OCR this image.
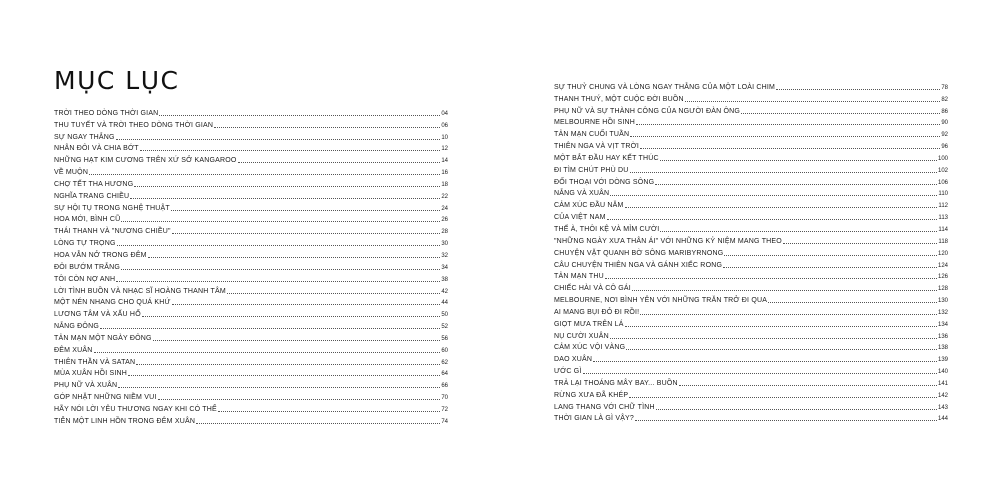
MỤC LỤC
TRỜI THEO DÒNG THỜI GIAN	04
THU TUYẾT VÀ TRỜI THEO DÒNG THỜI GIAN	06
SỰ NGAY THẲNG	10
NHÂN ĐÔI VÀ CHIA BỚT	12
NHỮNG HẠT KIM CƯƠNG TRÊN XỨ SỞ KANGAROO	14
VỀ MUỘN	16
CHỢ TẾT THA HƯƠNG	18
NGHĨA TRANG CHIỀU	22
SỰ HỘI TỤ TRONG NGHỆ THUẬT	24
HOA MỚI, BÌNH CŨ	26
THÁI THANH VÀ "NƯƠNG CHIỀU"	28
LÒNG TỰ TRỌNG	30
HOA VẪN NỞ TRONG ĐÊM	32
ĐÔI BƯỚM TRẮNG	34
TÔI CÒN NỢ ANH	38
LỜI TÌNH BUỒN VÀ NHẠC SĨ HOÀNG THANH TÂM	42
MỘT NÉN NHANG CHO QUÁ KHỨ	44
LƯƠNG TÂM VÀ XẤU HỔ	50
NẮNG ĐÔNG	52
TẢN MẠN MỘT NGÀY ĐÔNG	56
ĐÊM XUÂN	60
THIÊN THẦN VÀ SATAN	62
MÙA XUÂN HỒI SINH	64
PHỤ NỮ VÀ XUÂN	66
GÓP NHẶT NHỮNG NIỀM VUI	70
HÃY NÓI LỜI YÊU THƯƠNG NGAY KHI CÓ THỂ	72
TIỄN MỘT LINH HỒN TRONG ĐÊM XUÂN	74
SỰ THUỶ CHUNG VÀ LÒNG NGAY THẲNG CỦA MỘT LOÀI CHIM	78
THANH THUÝ, MỘT CUỘC ĐỜI BUỒN	82
PHỤ NỮ VÀ SỰ THÀNH CÔNG CỦA NGƯỜI ĐÀN ÔNG	86
MELBOURNE HỒI SINH	90
TẢN MẠN CUỐI TUẦN	92
THIÊN NGA VÀ VỊT TRỜI	96
MỘT BẮT ĐẦU HAY KẾT THÚC	100
ĐI TÌM CHÚT PHÙ DU	102
ĐỐI THOẠI VỚI DÒNG SÔNG	106
NẮNG VÀ XUÂN	110
CẢM XÚC ĐẦU NĂM	112
CỦA VIỆT NAM	113
THẾ À, THÔI KỆ VÀ MỈM CƯỜI	114
"NHỮNG NGÀY XƯA THÂN ÁI" VỚI NHỮNG KỶ NIỆM MANG THEO	118
CHUYỆN VẶT QUANH BỜ SÔNG MARIBYRNONG	120
CÂU CHUYỆN THIÊN NGA VÀ GÁNH XIẾC RONG	124
TẢN MẠN THU	126
CHIẾC HÀI VÀ CÔ GÁI	128
MELBOURNE, NƠI BÌNH YÊN VỚI NHỮNG TRĂN TRỞ ĐI QUA	130
AI MANG BỤI ĐỎ ĐI RỒI!	132
GIỌT MƯA TRÊN LÁ	134
NỤ CƯỜI XUÂN	136
CẢM XÚC VỘI VÀNG	138
DAO XUÂN	139
ƯỚC GÌ	140
TRẢ LẠI THOÁNG MÂY BAY... BUỒN	141
RỪNG XƯA ĐÃ KHÉP	142
LANG THANG VỚI CHỮ TÌNH	143
THỜI GIAN LÀ GÌ VẬY?	144
